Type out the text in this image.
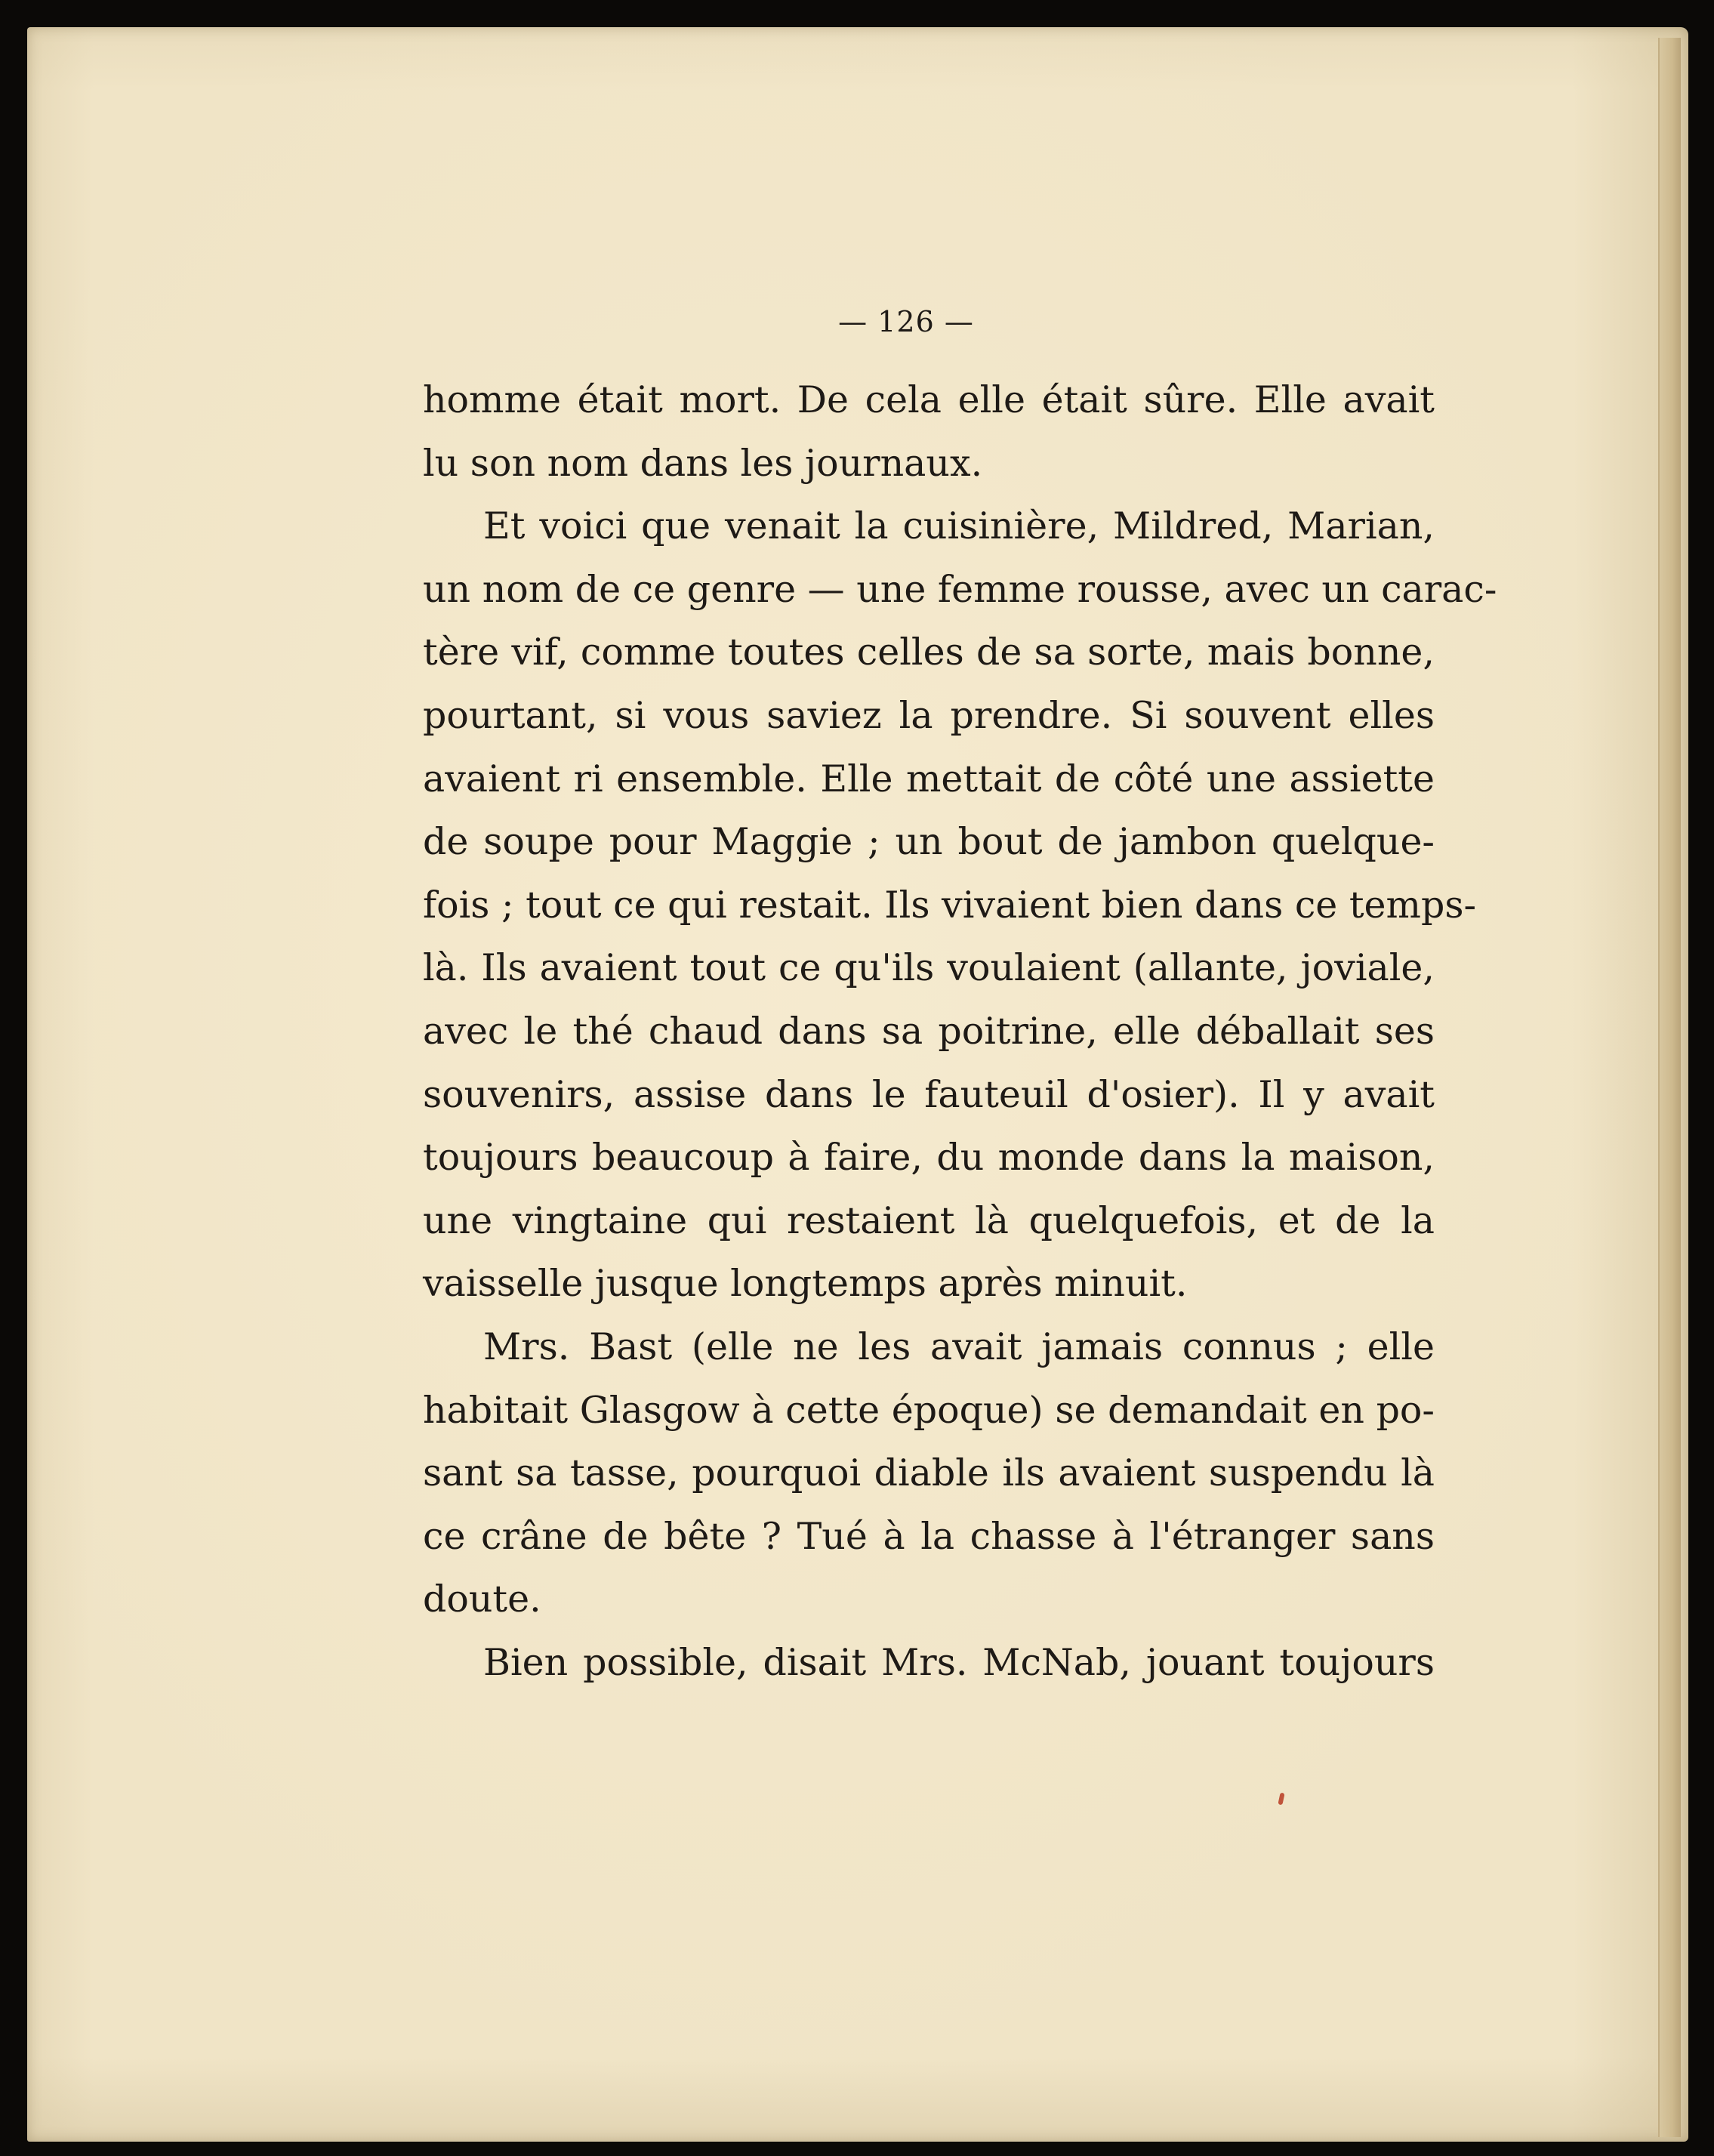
— 126 —
homme était mort. De cela elle était sûre. Elle avait
lu son nom dans les journaux.
Et voici que venait la cuisinière, Mildred, Marian,
un nom de ce genre — une femme rousse, avec un carac-
tère vif, comme toutes celles de sa sorte, mais bonne,
pourtant, si vous saviez la prendre. Si souvent elles
avaient ri ensemble. Elle mettait de côté une assiette
de soupe pour Maggie ; un bout de jambon quelque-
fois ; tout ce qui restait. Ils vivaient bien dans ce temps-
là. Ils avaient tout ce qu'ils voulaient (allante, joviale,
avec le thé chaud dans sa poitrine, elle déballait ses
souvenirs, assise dans le fauteuil d'osier). Il y avait
toujours beaucoup à faire, du monde dans la maison,
une vingtaine qui restaient là quelquefois, et de la
vaisselle jusque longtemps après minuit.
Mrs. Bast (elle ne les avait jamais connus ; elle
habitait Glasgow à cette époque) se demandait en po-
sant sa tasse, pourquoi diable ils avaient suspendu là
ce crâne de bête ? Tué à la chasse à l'étranger sans
doute.
Bien possible, disait Mrs. McNab, jouant toujours
